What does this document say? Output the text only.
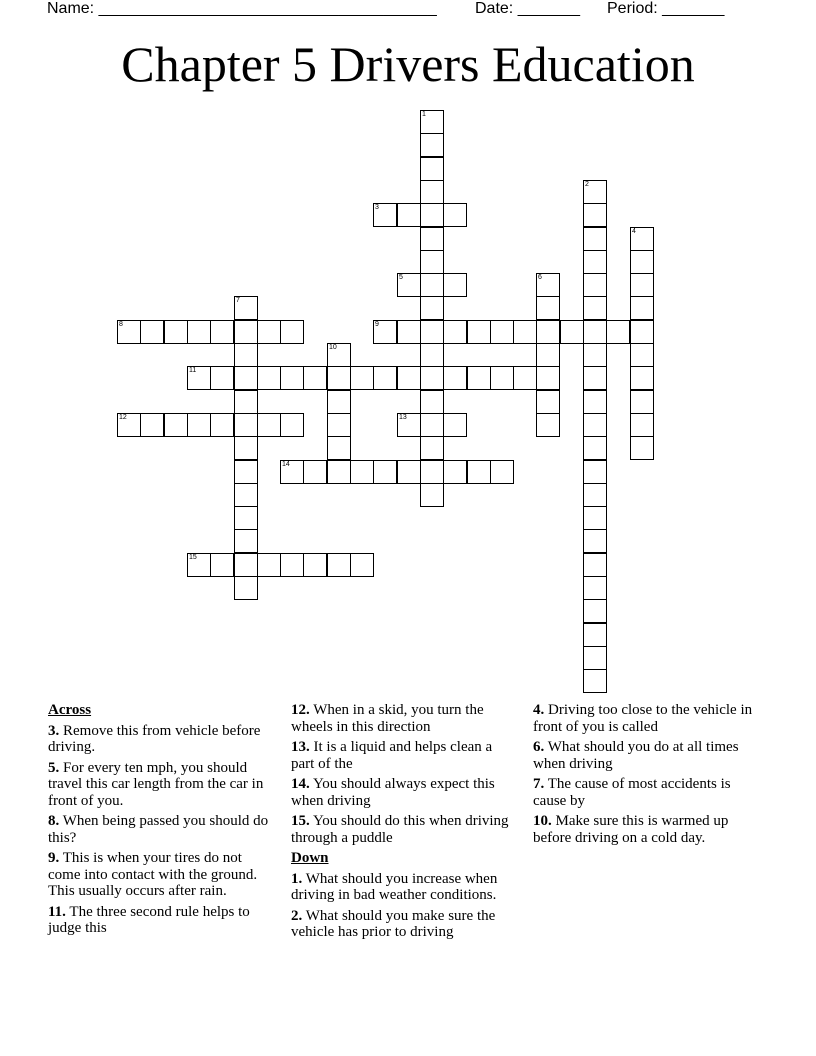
Name: ______________________________________

Date: _______

Period: _______

Chapter 5 Drivers Education
1
2
3
4
5	6
7
8	9
10
11
12	13
14
15
Across
3. Remove this from vehicle before driving.
5. For every ten mph, you should travel this car length from the car in front of you.
8. When being passed you should do this?
9. This is when your tires do not come into contact with the ground. This usually occurs after rain.
11. The three second rule helps to judge this
12. When in a skid, you turn the wheels in this direction
13. It is a liquid and helps clean a part of the
14. You should always expect this when driving
15. You should do this when driving through a puddle
Down
1. What should you increase when driving in bad weather conditions.
2. What should you make sure the vehicle has prior to driving
4. Driving too close to the vehicle in front of you is called
6. What should you do at all times when driving
7. The cause of most accidents is cause by
10. Make sure this is warmed up before driving on a cold day.
